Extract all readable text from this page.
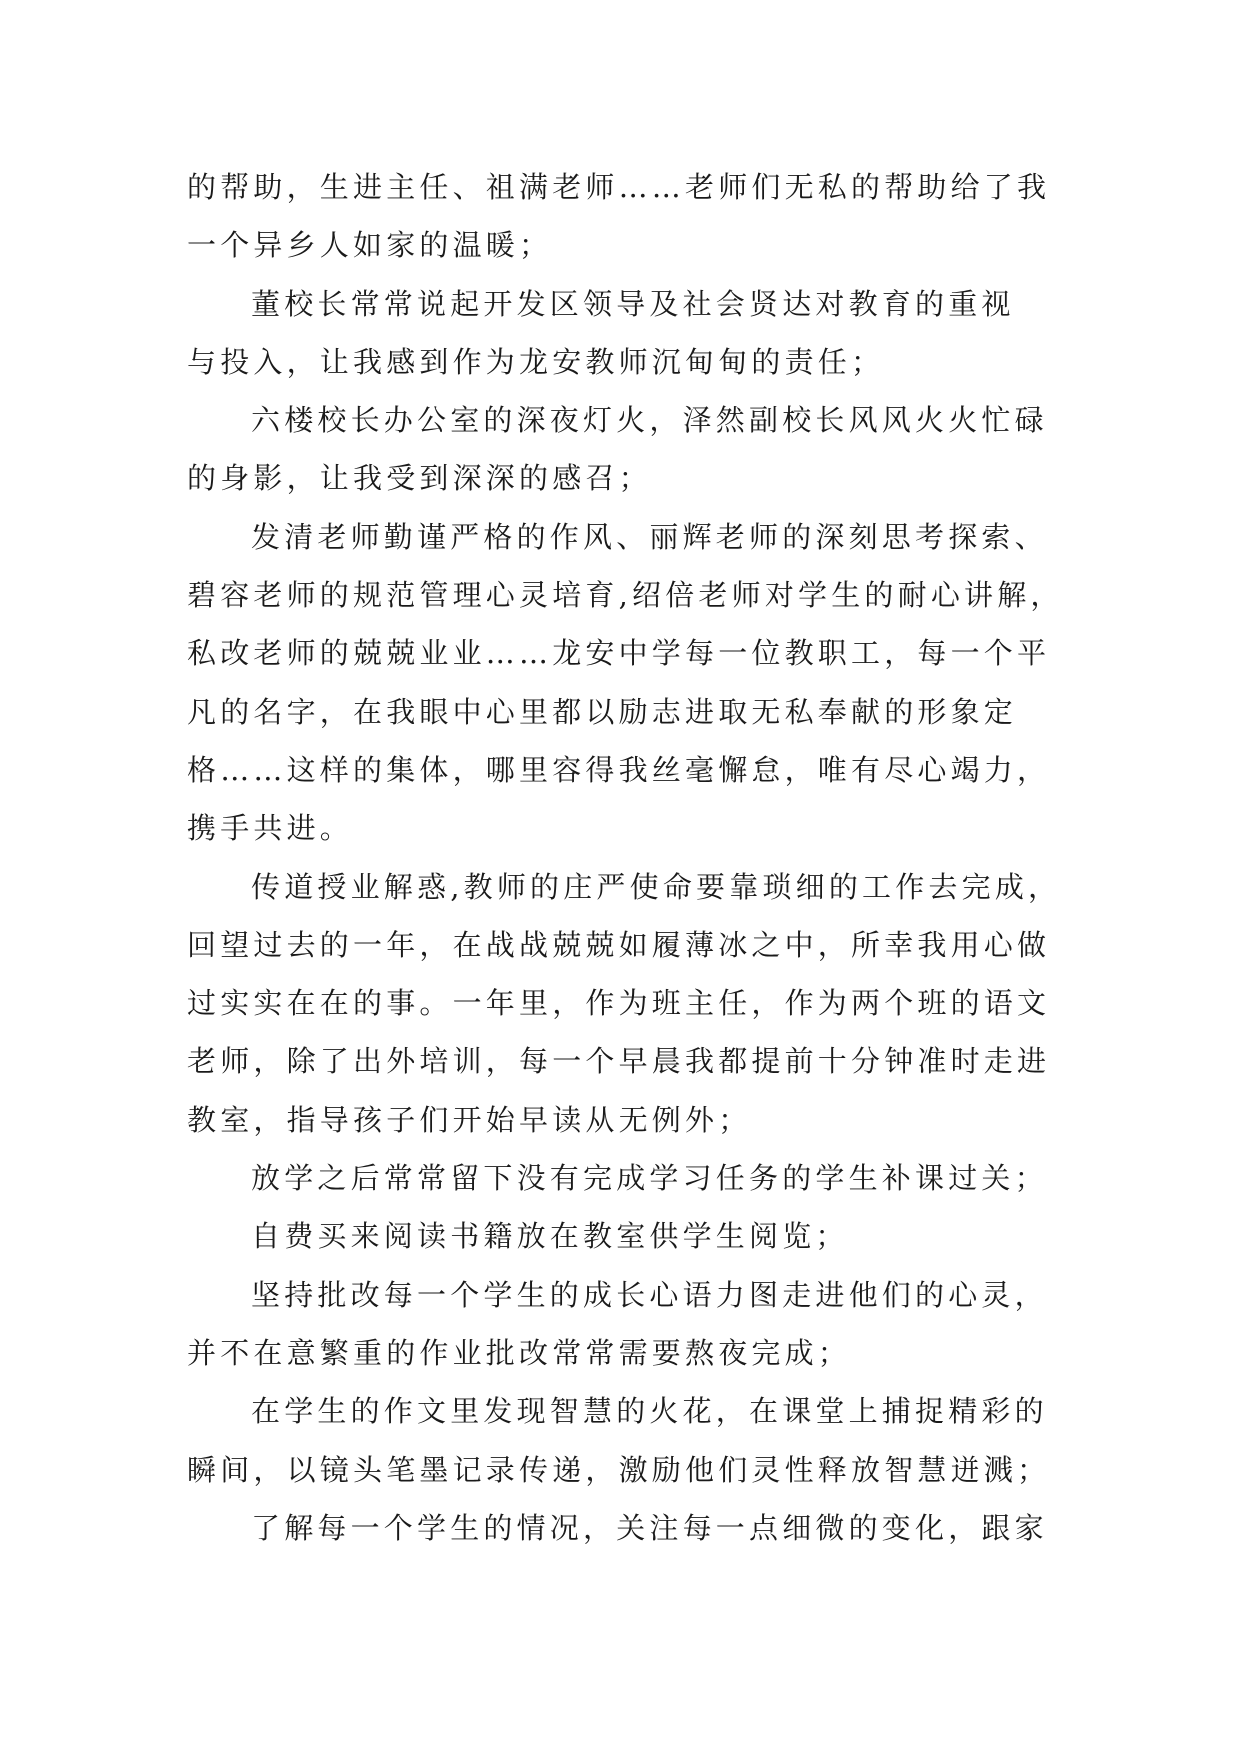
的帮助，生进主任、祖满老师……老师们无私的帮助给了我
一个异乡人如家的温暖；
董校长常常说起开发区领导及社会贤达对教育的重视
与投入，让我感到作为龙安教师沉甸甸的责任；
六楼校长办公室的深夜灯火，泽然副校长风风火火忙碌
的身影，让我受到深深的感召；
发清老师勤谨严格的作风、丽辉老师的深刻思考探索、
碧容老师的规范管理心灵培育,绍倍老师对学生的耐心讲解，
私改老师的兢兢业业……龙安中学每一位教职工，每一个平
凡的名字，在我眼中心里都以励志进取无私奉献的形象定
格……这样的集体，哪里容得我丝毫懈怠，唯有尽心竭力，
携手共进。
传道授业解惑,教师的庄严使命要靠琐细的工作去完成，
回望过去的一年，在战战兢兢如履薄冰之中，所幸我用心做
过实实在在的事。一年里，作为班主任，作为两个班的语文
老师，除了出外培训，每一个早晨我都提前十分钟准时走进
教室，指导孩子们开始早读从无例外；
放学之后常常留下没有完成学习任务的学生补课过关；
自费买来阅读书籍放在教室供学生阅览；
坚持批改每一个学生的成长心语力图走进他们的心灵，
并不在意繁重的作业批改常常需要熬夜完成；
在学生的作文里发现智慧的火花，在课堂上捕捉精彩的
瞬间，以镜头笔墨记录传递，激励他们灵性释放智慧迸溅；
了解每一个学生的情况，关注每一点细微的变化，跟家
